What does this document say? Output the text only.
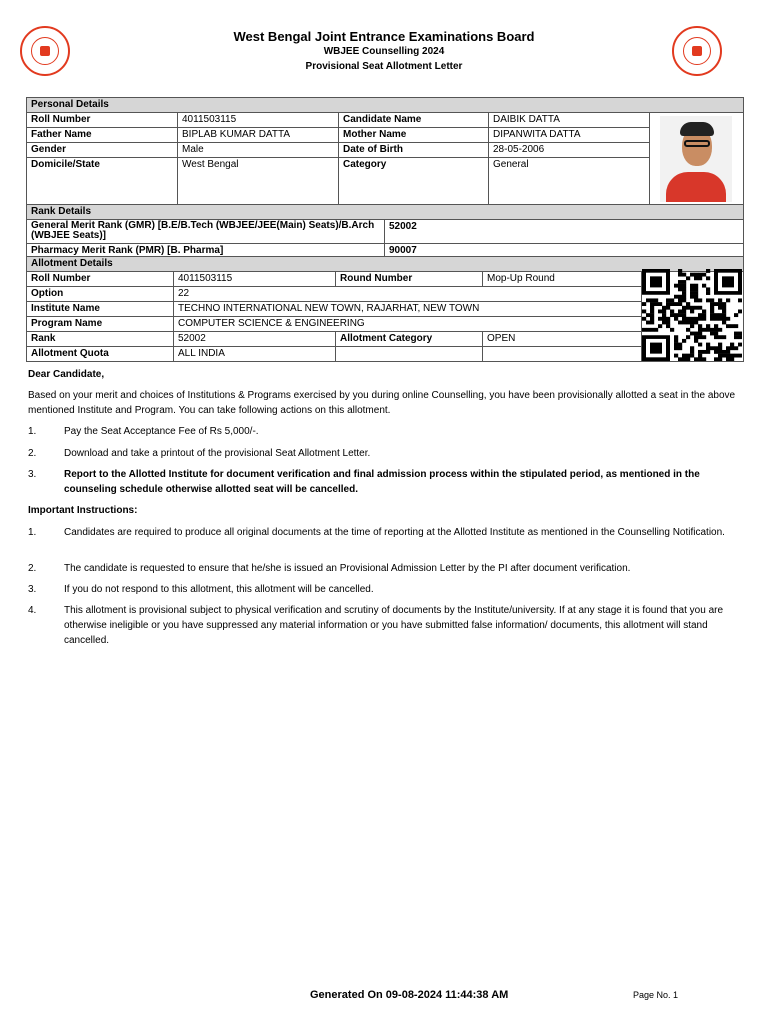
West Bengal Joint Entrance Examinations Board
WBJEE Counselling 2024
Provisional Seat Allotment Letter
Personal Details				
Roll Number	4011503115	Candidate Name	DAIBIK DATTA	

Father Name	BIPLAB KUMAR DATTA	Mother Name	DIPANWITA DATTA	
Gender	Male	Date of Birth	28-05-2006	
Domicile/State	West Bengal	Category	General	
Rank Details	
General Merit Rank (GMR) [B.E/B.Tech (WBJEE/JEE(Main) Seats)/B.Arch (WBJEE Seats)]	52002
Pharmacy Merit Rank (PMR) [B. Pharma]	90007
Allotment Details				
Roll Number	4011503115	Round Number	Mop-Up Round	
Option	22			
Institute Name	TECHNO INTERNATIONAL NEW TOWN, RAJARHAT, NEW TOWN			
Program Name	COMPUTER SCIENCE & ENGINEERING			
Rank	52002	Allotment Category	OPEN	
Allotment Quota	ALL INDIA			
Dear Candidate,
Based on your merit and choices of Institutions & Programs exercised by you during online Counselling, you have been provisionally allotted a seat in the above mentioned Institute and Program. You can take following actions on this allotment.
1.	Pay the Seat Acceptance Fee of Rs 5,000/-.
2.	Download and take a printout of the provisional Seat Allotment Letter.
3.	Report to the Allotted Institute for document verification and final admission process within the stipulated period, as mentioned in the counseling schedule otherwise allotted seat will be cancelled.
Important Instructions:
1.	Candidates are required to produce all original documents at the time of reporting at the Allotted Institute as mentioned in the Counselling Notification.
2.	The candidate is requested to ensure that he/she is issued an Provisional Admission Letter by the PI after document verification.
3.	If you do not respond to this allotment, this allotment will be cancelled.
4.	This allotment is provisional subject to physical verification and scrutiny of documents by the Institute/university. If at any stage it is found that you are otherwise ineligible or you have suppressed any material information or you have submitted false information/ documents, this allotment will stand cancelled.
Generated On 09-08-2024 11:44:38 AM	Page No. 1
